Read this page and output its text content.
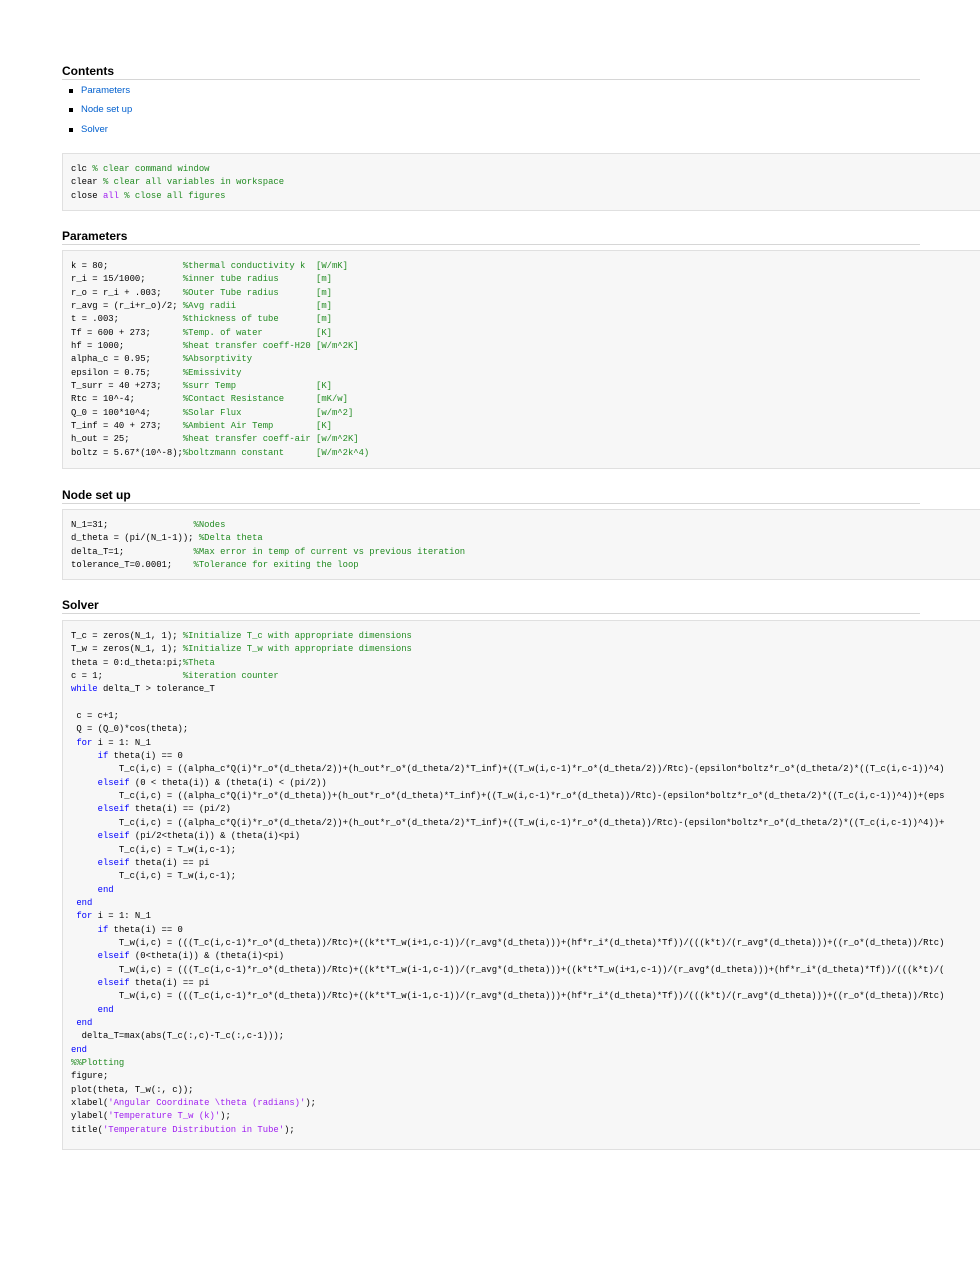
Contents
Parameters
Node set up
Solver
clc % clear command window
clear % clear all variables in workspace
close all % close all figures

Parameters
k = 80;              %thermal conductivity k  [W/mK]
r_i = 15/1000;       %inner tube radius       [m]
r_o = r_i + .003;    %Outer Tube radius       [m]
r_avg = (r_i+r_o)/2; %Avg radii               [m]
t = .003;            %thickness of tube       [m]
Tf = 600 + 273;      %Temp. of water          [K]
hf = 1000;           %heat transfer coeff-H20 [W/m^2K]
alpha_c = 0.95;      %Absorptivity
epsilon = 0.75;      %Emissivity
T_surr = 40 +273;    %surr Temp               [K]
Rtc = 10^-4;         %Contact Resistance      [mK/w]
Q_0 = 100*10^4;      %Solar Flux              [w/m^2]
T_inf = 40 + 273;    %Ambient Air Temp        [K]
h_out = 25;          %heat transfer coeff-air [w/m^2K]
boltz = 5.67*(10^-8);%boltzmann constant      [W/m^2k^4)

Node set up
N_1=31;                %Nodes
d_theta = (pi/(N_1-1)); %Delta theta
delta_T=1;             %Max error in temp of current vs previous iteration
tolerance_T=0.0001;    %Tolerance for exiting the loop

Solver
T_c = zeros(N_1, 1); %Initialize T_c with appropriate dimensions
T_w = zeros(N_1, 1); %Initialize T_w with appropriate dimensions
theta = 0:d_theta:pi;%Theta
c = 1;               %iteration counter
while delta_T > tolerance_T

c = c+1;
Q = (Q_0)*cos(theta);
for i = 1: N_1
if theta(i) == 0
T_c(i,c) = ((alpha_c*Q(i)*r_o*(d_theta/2))+(h_out*r_o*(d_theta/2)*T_inf)+((T_w(i,c-1)*r_o*(d_theta/2))/Rtc)-(epsilon*boltz*r_o*(d_theta/2)*((T_c(i,c-1))^4)
elseif (0 < theta(i)) & (theta(i) < (pi/2))
T_c(i,c) = ((alpha_c*Q(i)*r_o*(d_theta))+(h_out*r_o*(d_theta)*T_inf)+((T_w(i,c-1)*r_o*(d_theta))/Rtc)-(epsilon*boltz*r_o*(d_theta/2)*((T_c(i,c-1))^4))+(eps
elseif theta(i) == (pi/2)
T_c(i,c) = ((alpha_c*Q(i)*r_o*(d_theta/2))+(h_out*r_o*(d_theta/2)*T_inf)+((T_w(i,c-1)*r_o*(d_theta))/Rtc)-(epsilon*boltz*r_o*(d_theta/2)*((T_c(i,c-1))^4))+
elseif (pi/2<theta(i)) & (theta(i)<pi)
T_c(i,c) = T_w(i,c-1);
elseif theta(i) == pi
T_c(i,c) = T_w(i,c-1);
end
end
for i = 1: N_1
if theta(i) == 0
T_w(i,c) = (((T_c(i,c-1)*r_o*(d_theta))/Rtc)+((k*t*T_w(i+1,c-1))/(r_avg*(d_theta)))+(hf*r_i*(d_theta)*Tf))/(((k*t)/(r_avg*(d_theta)))+((r_o*(d_theta))/Rtc)
elseif (0<theta(i)) & (theta(i)<pi)
T_w(i,c) = (((T_c(i,c-1)*r_o*(d_theta))/Rtc)+((k*t*T_w(i-1,c-1))/(r_avg*(d_theta)))+((k*t*T_w(i+1,c-1))/(r_avg*(d_theta)))+(hf*r_i*(d_theta)*Tf))/(((k*t)/(
elseif theta(i) == pi
T_w(i,c) = (((T_c(i,c-1)*r_o*(d_theta))/Rtc)+((k*t*T_w(i-1,c-1))/(r_avg*(d_theta)))+(hf*r_i*(d_theta)*Tf))/(((k*t)/(r_avg*(d_theta)))+((r_o*(d_theta))/Rtc)
end
end
delta_T=max(abs(T_c(:,c)-T_c(:,c-1)));
end
%%Plotting
figure;
plot(theta, T_w(:, c));
xlabel('Angular Coordinate \theta (radians)');
ylabel('Temperature T_w (k)');
title('Temperature Distribution in Tube');
